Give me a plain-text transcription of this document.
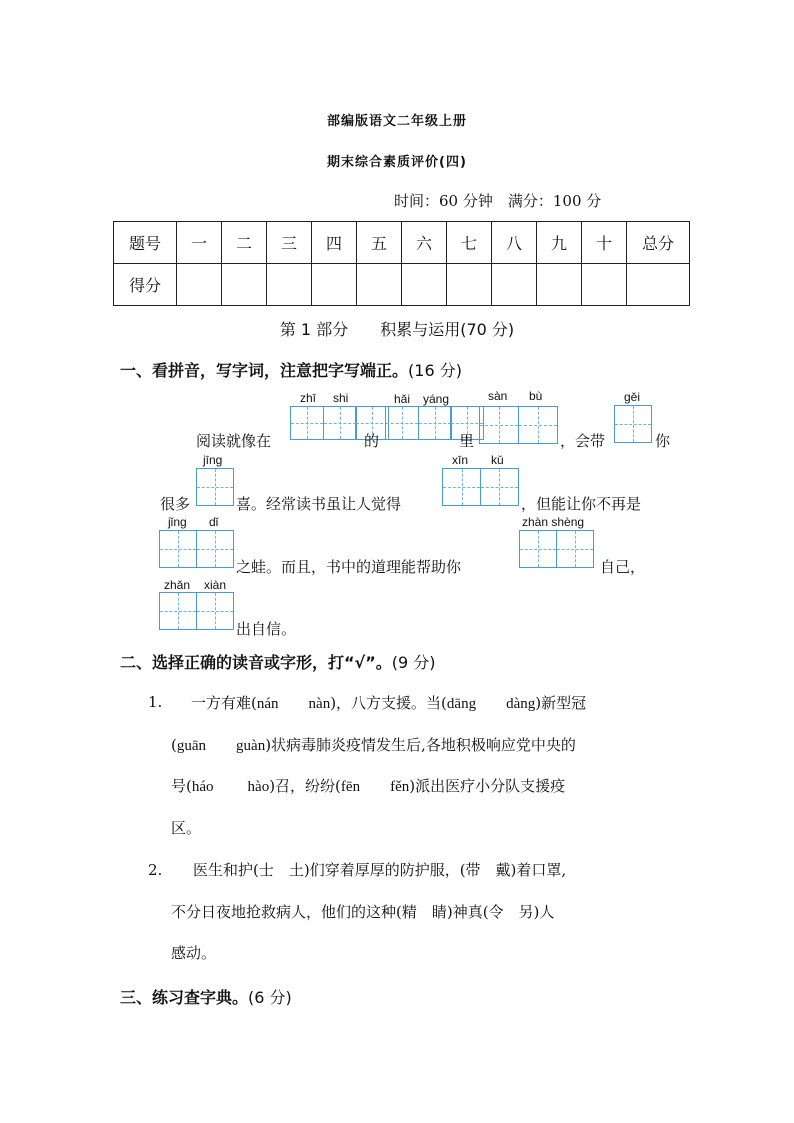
部编版语文二年级上册
期末综合素质评价(四)
时间：60 分钟　满分：100 分
题号	一	二	三	四	五	六	七	八	九	十	总分
得分											
第 1 部分　　积累与运用(70 分)
一、看拼音，写字词，注意把字写端正。(16 分)
zhī shi	hǎi yáng	sàn bù	gěi
jīng	xīn kǔ
jǐng dǐ	zhàn shèng
zhǎn xiàn
阅读就像在	的	里	，会带	你
很多	喜。经常读书虽让人觉得	，但能让你不再是
之蛙。而且，书中的道理能帮助你	自己，
出自信。
二、选择正确的读音或字形，打“√”。(9 分)
1. 一方有难(nán nàn)，八方支援。当(dāng dàng)新型冠
(guān guàn)状病毒肺炎疫情发生后,各地积极响应党中央的
号(háo hào)召，纷纷(fēn fěn)派出医疗小分队支援疫
区。
2. 医生和护(士　土)们穿着厚厚的防护服，(带　戴)着口罩,
不分日夜地抢救病人，他们的这种(精　睛)神真(令　另)人
感动。
三、练习查字典。(6 分)
